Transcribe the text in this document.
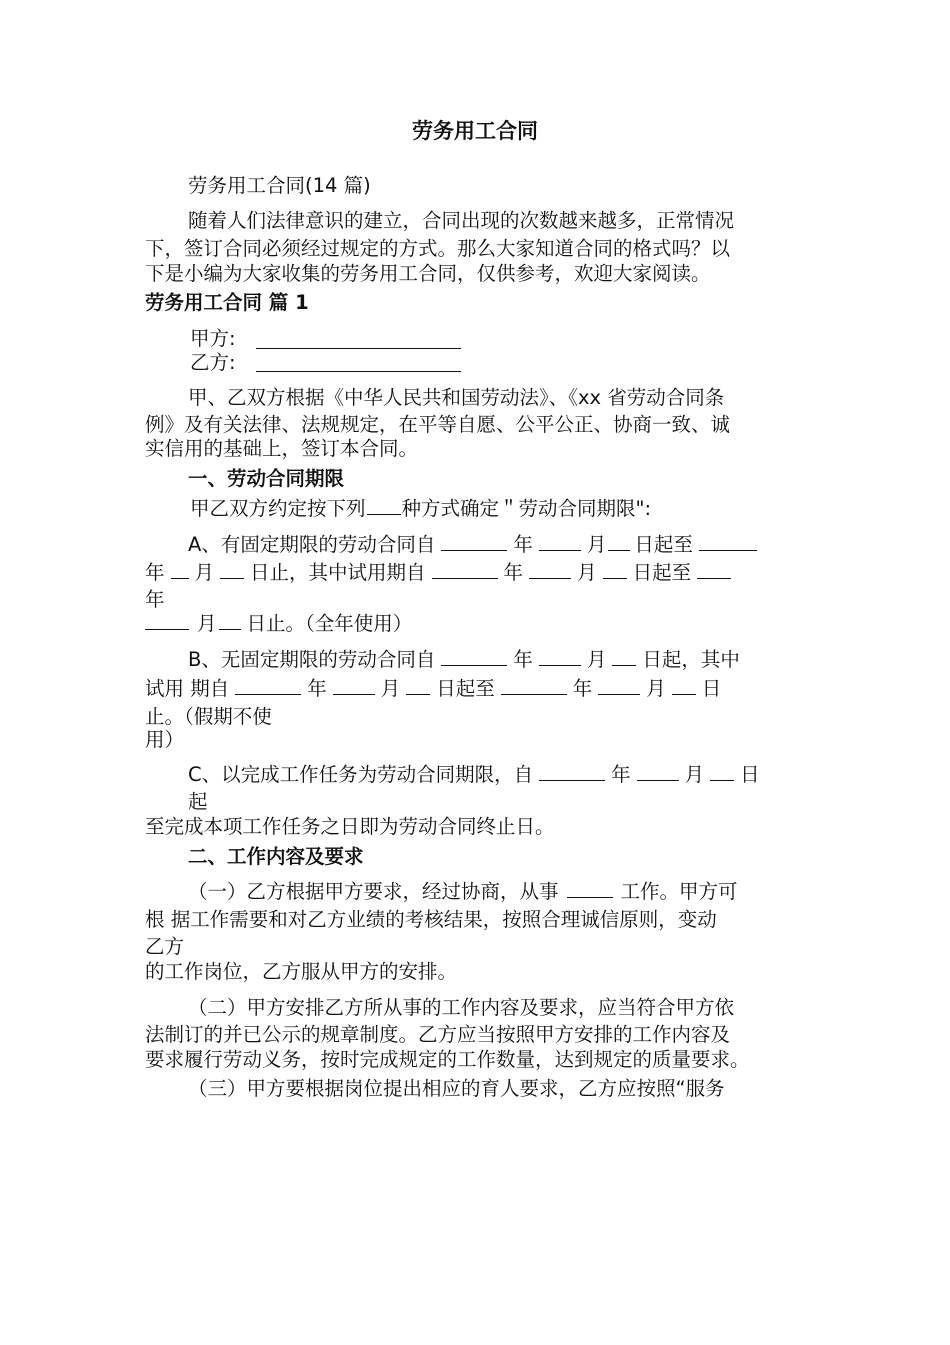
劳务用工合同
劳务用工合同(14 篇)
随着人们法律意识的建立，合同出现的次数越来越多，正常情况
下，签订合同必须经过规定的方式。那么大家知道合同的格式吗？以
下是小编为大家收集的劳务用工合同，仅供参考，欢迎大家阅读。
劳务用工合同 篇 1
甲方:
乙方:
甲、乙双方根据《中华人民共和国劳动法》、《xx 省劳动合同条
例》及有关法律、法规规定，在平等自愿、公平公正、协商一致、诚
实信用的基础上，签订本合同。
一、劳动合同期限
甲乙双方约定按下列 种方式确定＂劳动合同期限":
A、有固定期限的劳动合同自	年	月 日起至
年 月 日止，其中试用期自	年	月 日起至
年
月 日止。（全年使用）
B、无固定期限的劳动合同自	年	月 日起，其中
试用 期自	年	月 日起至	年	月 日
止。（假期不使
用）
C、以完成工作任务为劳动合同期限，自	年	月 日
起
至完成本项工作任务之日即为劳动合同终止日。
二、工作内容及要求
（一）乙方根据甲方要求，经过协商，从事	工作。甲方可
根 据工作需要和对乙方业绩的考核结果，按照合理诚信原则，变动
乙方
的工作岗位，乙方服从甲方的安排。
（二）甲方安排乙方所从事的工作内容及要求，应当符合甲方依
法制订的并已公示的规章制度。乙方应当按照甲方安排的工作内容及
要求履行劳动义务，按时完成规定的工作数量，达到规定的质量要求。
（三）甲方要根据岗位提出相应的育人要求，乙方应按照“服务
